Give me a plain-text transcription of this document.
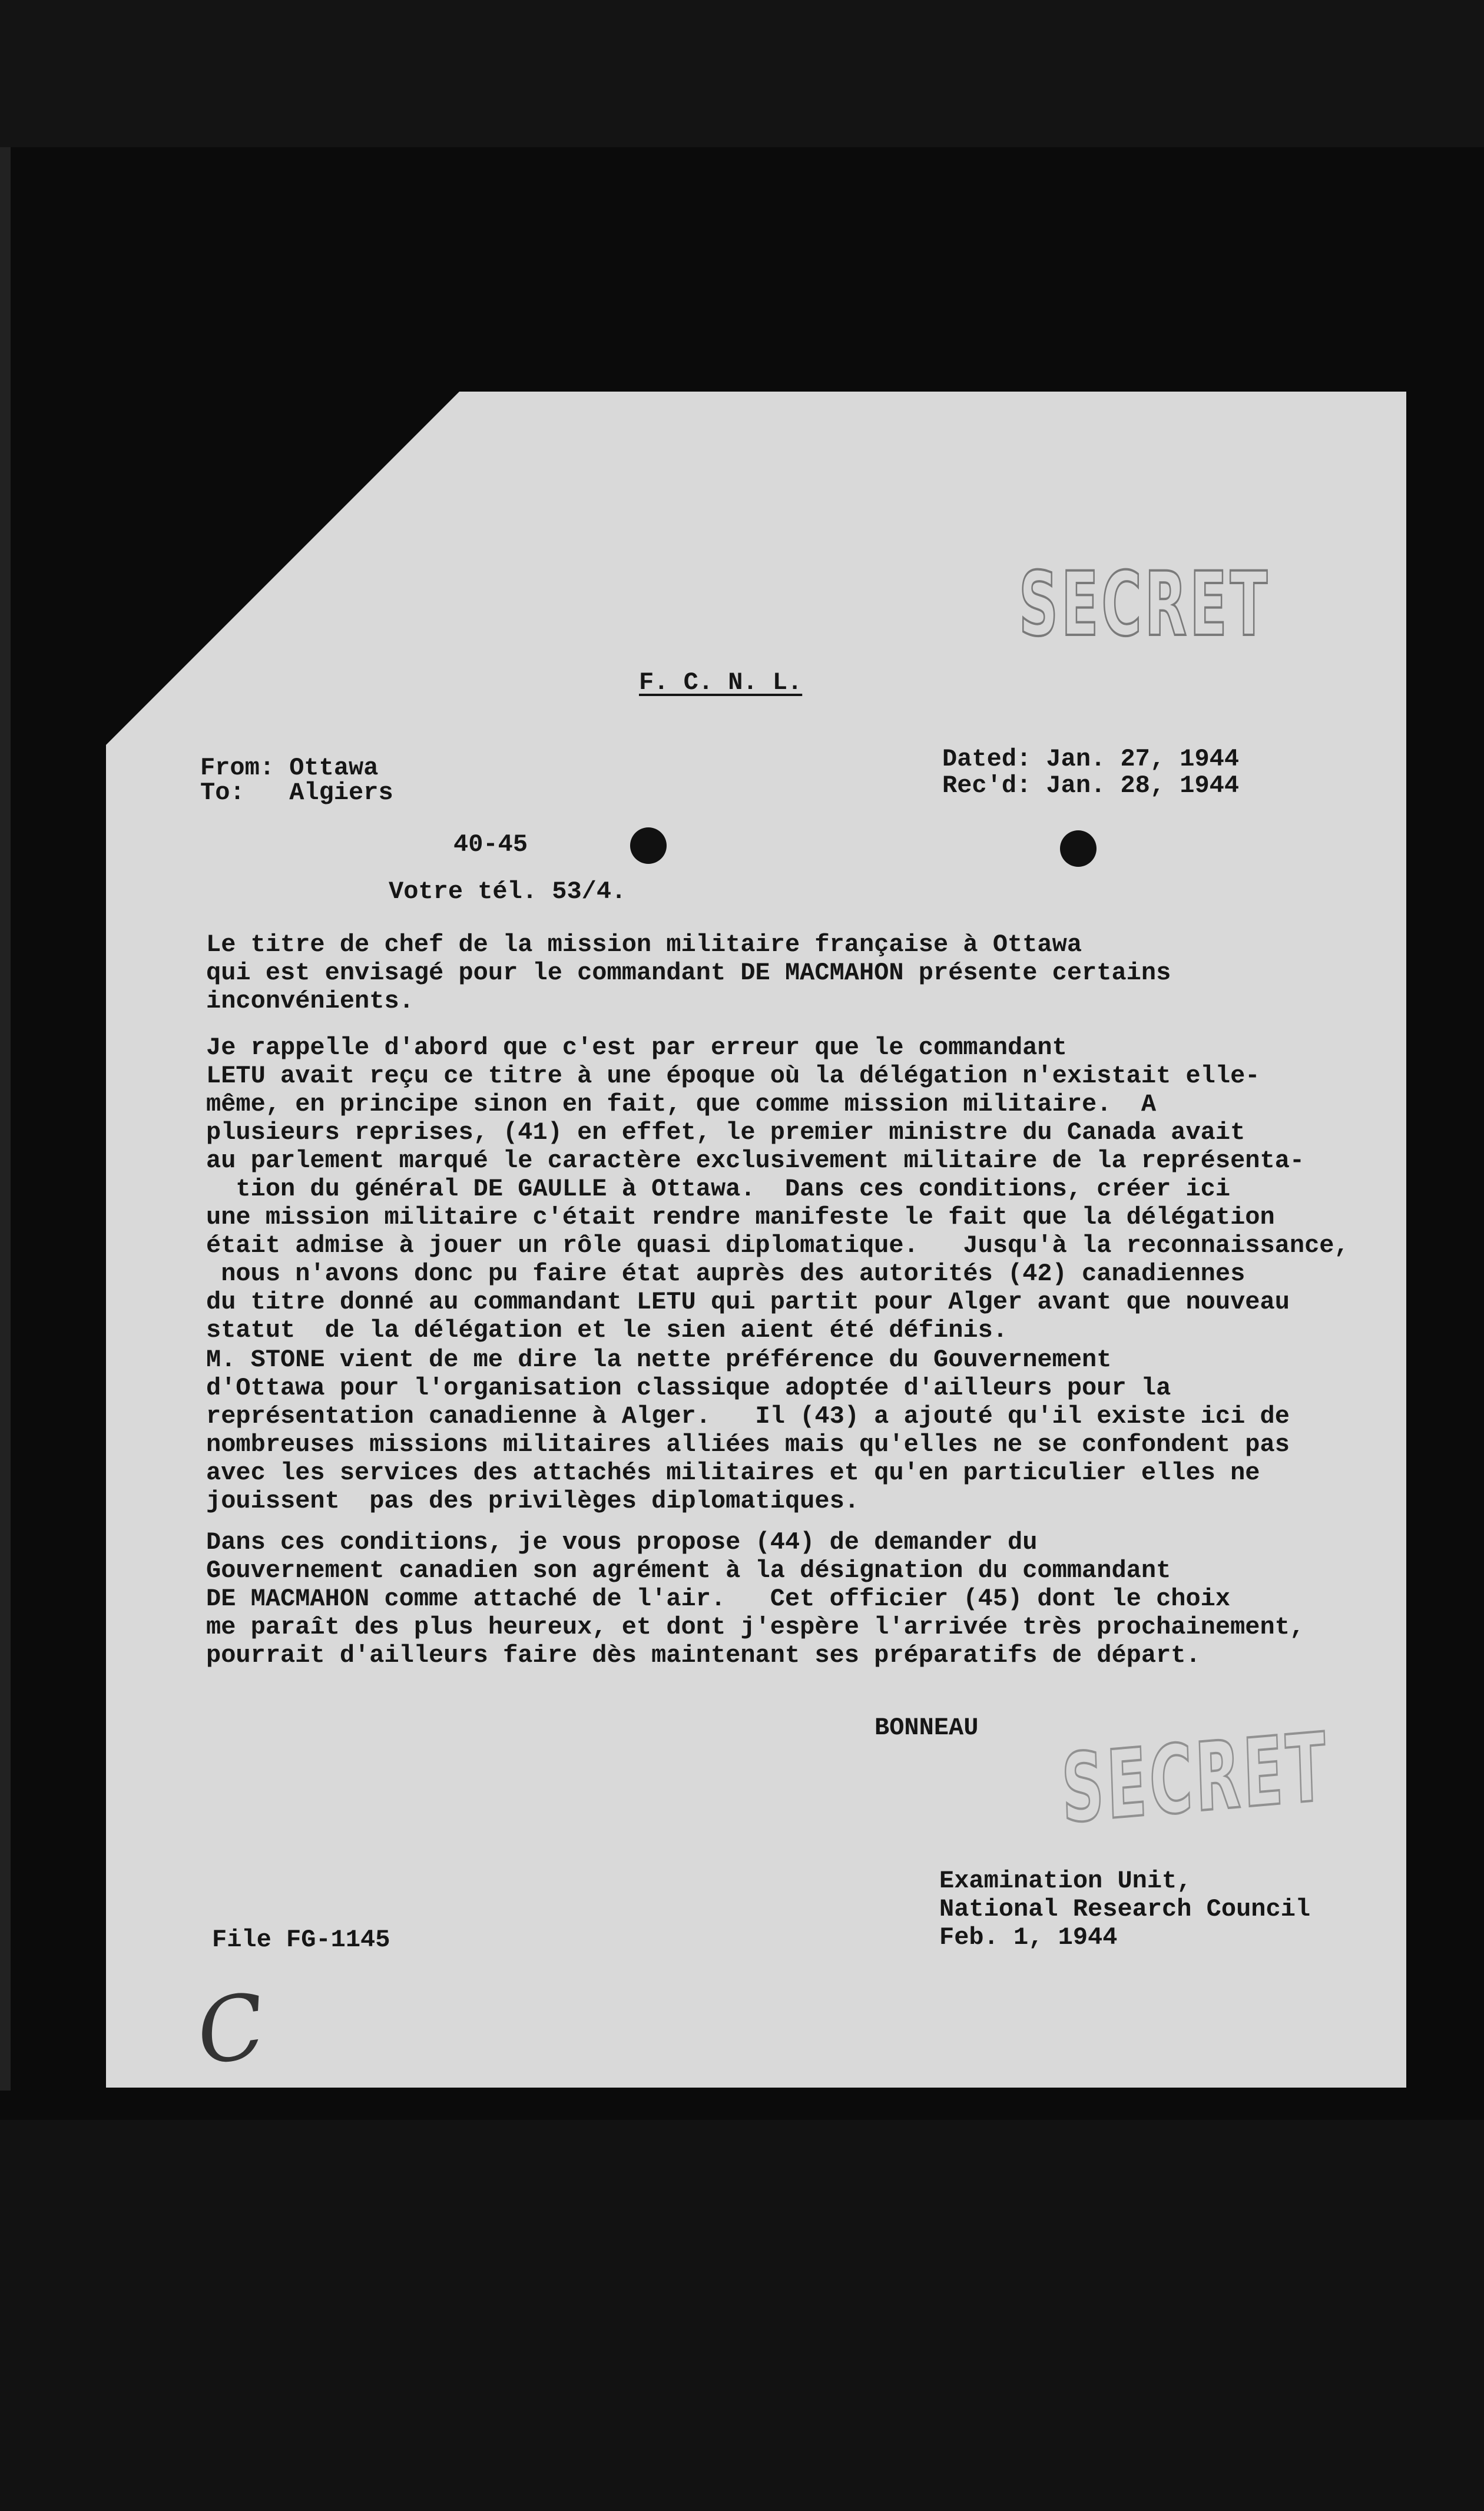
SECRET
F. C. N. L.
From: Ottawa
To:   Algiers
Dated: Jan. 27, 1944
Rec'd: Jan. 28, 1944
40-45
Votre tél. 53/4.
Le titre de chef de la mission militaire française à Ottawa
qui est envisagé pour le commandant DE MACMAHON présente certains
inconvénients.
Je rappelle d'abord que c'est par erreur que le commandant
LETU avait reçu ce titre à une époque où la délégation n'existait elle-
même, en principe sinon en fait, que comme mission militaire.  A
plusieurs reprises, (41) en effet, le premier ministre du Canada avait
au parlement marqué le caractère exclusivement militaire de la représenta-
tion du général DE GAULLE à Ottawa.  Dans ces conditions, créer ici
une mission militaire c'était rendre manifeste le fait que la délégation
était admise à jouer un rôle quasi diplomatique.   Jusqu'à la reconnaissance,
nous n'avons donc pu faire état auprès des autorités (42) canadiennes
du titre donné au commandant LETU qui partit pour Alger avant que nouveau
statut  de la délégation et le sien aient été définis.
M. STONE vient de me dire la nette préférence du Gouvernement
d'Ottawa pour l'organisation classique adoptée d'ailleurs pour la
représentation canadienne à Alger.   Il (43) a ajouté qu'il existe ici de
nombreuses missions militaires alliées mais qu'elles ne se confondent pas
avec les services des attachés militaires et qu'en particulier elles ne
jouissent  pas des privilèges diplomatiques.
Dans ces conditions, je vous propose (44) de demander du
Gouvernement canadien son agrément à la désignation du commandant
DE MACMAHON comme attaché de l'air.   Cet officier (45) dont le choix
me paraît des plus heureux, et dont j'espère l'arrivée très prochainement,
pourrait d'ailleurs faire dès maintenant ses préparatifs de départ.
BONNEAU SECRET
Examination Unit,
National Research Council
Feb. 1, 1944
File FG-1145
C
